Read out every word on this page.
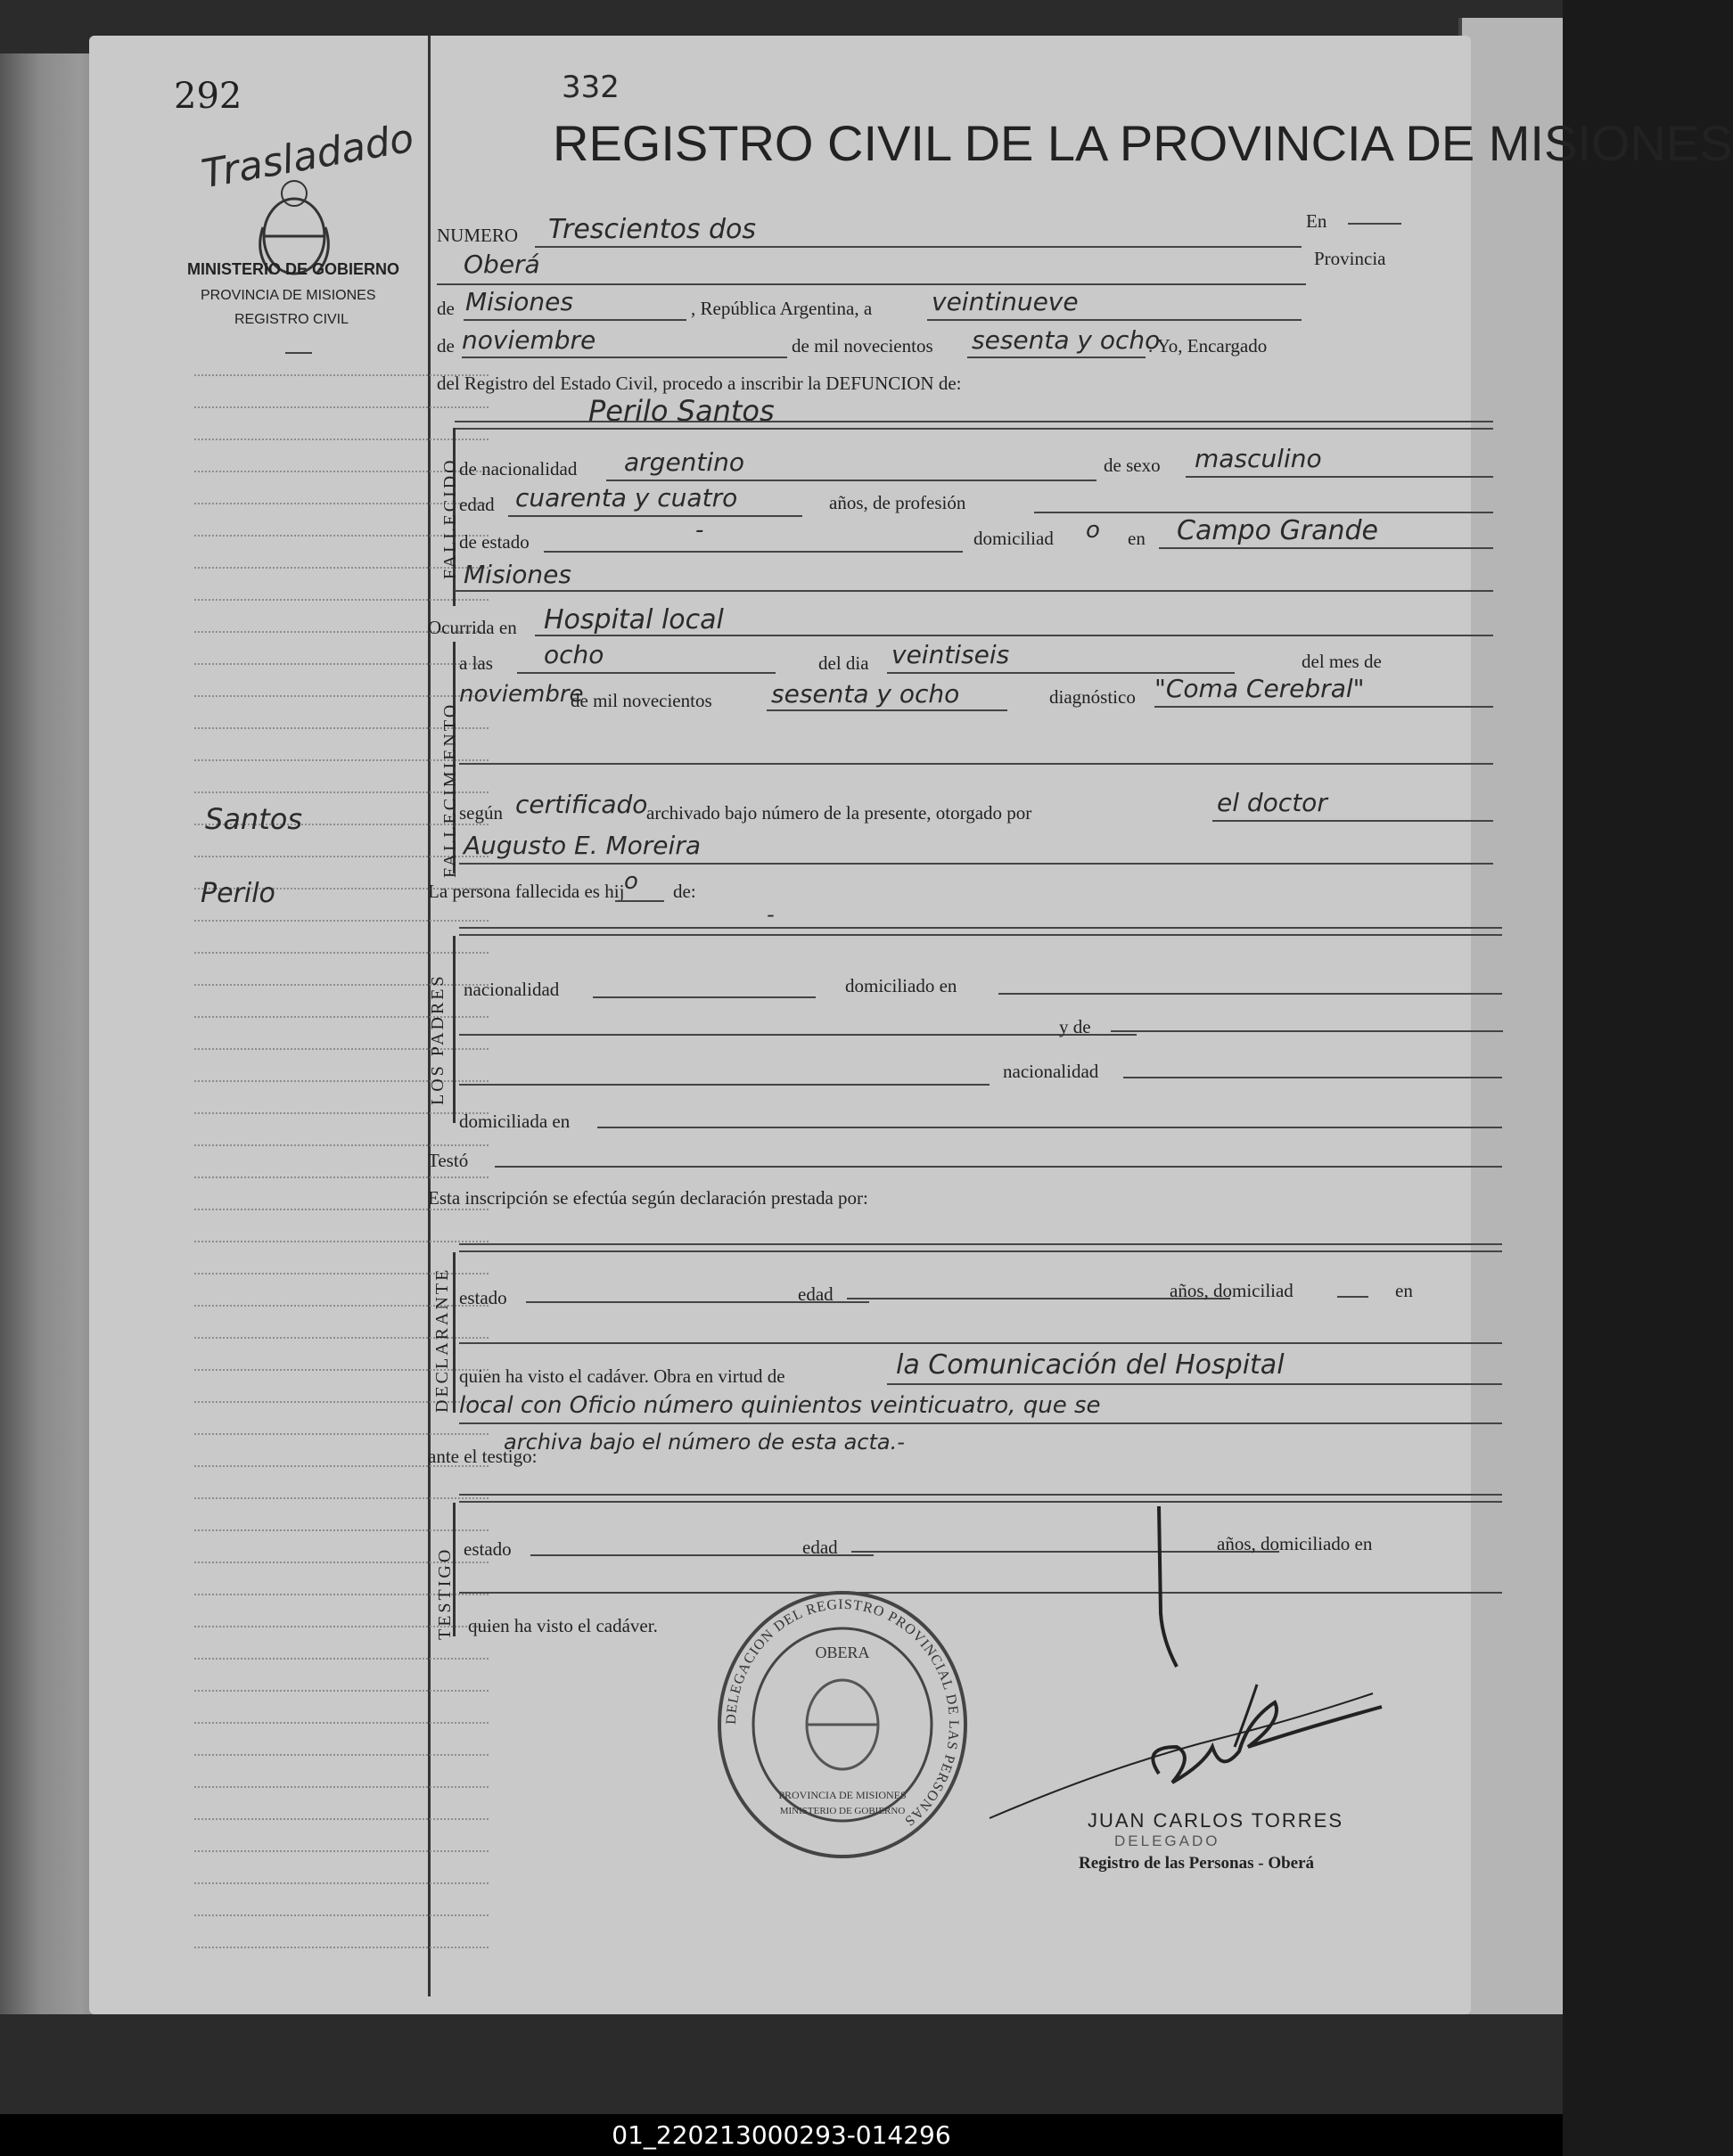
292	332
Trasladado	REGISTRO CIVIL DE LA PROVINCIA DE MISIONES
MINISTERIO DE GOBIERNO
PROVINCIA DE MISIONES
REGISTRO CIVIL
Santos
Perilo
NUMERO Trescientos dos	En
Oberá	Provincia
de Misiones	, República Argentina, a veintinueve
de noviembre	de mil novecientos sesenta y ocho
. Yo, Encargado
del Registro del Estado Civil, procedo a inscribir la DEFUNCION de:
Perilo Santos
FALLECIDO de nacionalidad argentino	de sexo masculino
edad cuarenta y cuatro	años, de profesión
de estado	-	domiciliad o en Campo Grande
Misiones
Ocurrida en Hospital local
FALLECIMIENTO
a las ocho	del dia veintiseis	del mes de
noviembre
de mil novecientos sesenta y ocho	diagnóstico "Coma Cerebral"
según certificado
archivado bajo número de la presente, otorgado por	el doctor
Augusto E. Moreira
La persona fallecida es hij o de:
-
LOS PADRES nacionalidad	domiciliado en
y de
nacionalidad
domiciliada en
Testó
Esta inscripción se efectúa según declaración prestada por:
DECLARANTE estado	edad	años, domiciliad	en
quien ha visto el cadáver. Obra en virtud de	la Comunicación del Hospital
local con Oficio número quinientos veinticuatro, que se
archiva bajo el número de esta acta.-
ante el testigo:
TESTIGO estado	edad	años, domiciliado en
quien ha visto el cadáver.
DELEGACION DEL REGISTRO PROVINCIAL DE LAS PERSONAS
OBERA
PROVINCIA DE MISIONES
MINISTERIO DE GOBIERNO	JUAN CARLOS TORRES
DELEGADO
Registro de las Personas - Oberá
01_220213000293-014296
